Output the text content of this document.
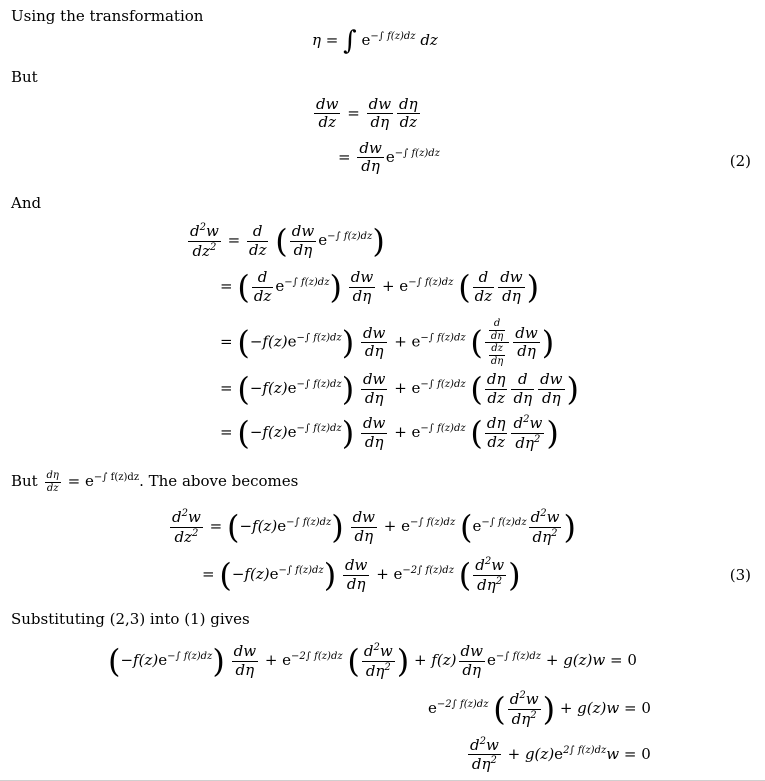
Using the transformation
η = ∫ $e^{-\int f(z)dz}$ dz
But
$\frac{dw}{dz} = \frac{dw}{d\eta} \frac{d\eta}{dz}$
= $\frac{dw}{d\eta} e^{-\int f(z)dz}$	(2)
And
$\frac{d^2w}{dz^2} = \frac{d}{dz}$ ( $\frac{dw}{d\eta} e^{-\int f(z)dz}$)
= ( $\frac{d}{dz} e^{-\int f(z)dz}) \frac{dw}{d\eta} + e^{-\int f(z)dz}$ ( $\frac{d}{dz} \frac{dw}{d\eta}$ )
= $(-f(z)e^{-\int f(z)dz}) \frac{dw}{d\eta} + e^{-\int f(z)dz}$ ( $\frac{\frac{d}{d\eta}}{\frac{dz}{d\eta}} \frac{dw}{d\eta}$ )
= $(-f(z)e^{-\int f(z)dz}) \frac{dw}{d\eta} + e^{-\int f(z)dz}$ ( $\frac{d\eta}{dz} \frac{d}{d\eta} \frac{dw}{d\eta}$ )
= $(-f(z)e^{-\int f(z)dz}) \frac{dw}{d\eta} + e^{-\int f(z)dz}$ ( $\frac{d\eta}{dz} \frac{d^2w}{d\eta^2}$ )
But $\frac{d\eta}{dz} = e^{-\int f(z)dz}$. The above becomes
$\frac{d^2w}{dz^2} = (-f(z)e^{-\int f(z)dz}) \frac{dw}{d\eta} + e^{-\int f(z)dz}$ ($e^{-\int f(z)dz} \frac{d^2w}{d\eta^2}$ )
= $(-f(z)e^{-\int f(z)dz}) \frac{dw}{d\eta} + e^{-2\int f(z)dz}$ ( $\frac{d^2w}{d\eta^2}$ )	(3)
Substituting (2,3) into (1) gives
$(-f(z)e^{-\int f(z)dz}) \frac{dw}{d\eta} + e^{-2\int f(z)dz}$ ( $\frac{d^2w}{d\eta^2}$ ) + $f(z) \frac{dw}{d\eta} e^{-\int f(z)dz} + g(z)w = 0$
$e^{-2\int f(z)dz}$ ( $\frac{d^2w}{d\eta^2}$ ) + g(z)w = 0
$\frac{d^2w}{d\eta^2} + g(z)e^{2\int f(z)dz}w = 0$
